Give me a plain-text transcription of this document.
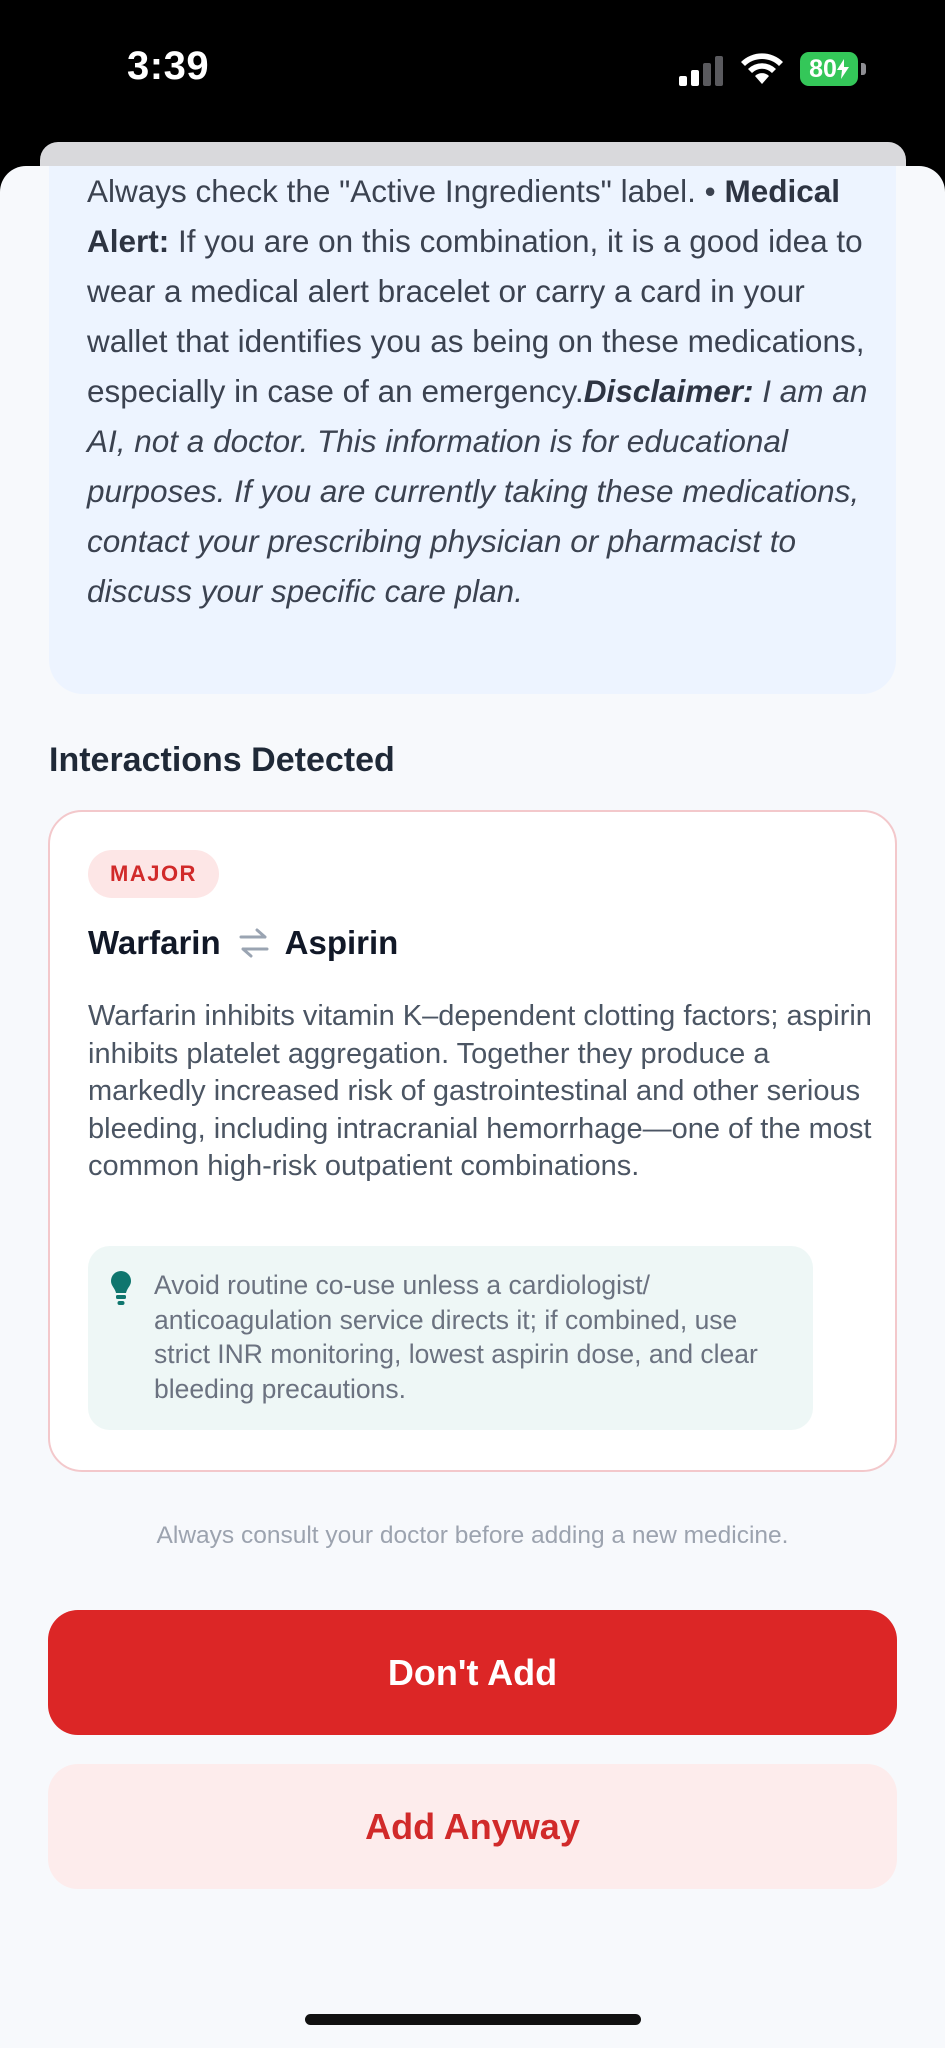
3:39	80
Always check the "Active Ingredients" label. • Medical Alert: If you are on this combination, it is a good idea to wear a medical alert bracelet or carry a card in your wallet that identifies you as being on these medications, especially in case of an emergency.Disclaimer: I am an AI, not a doctor. This information is for educational purposes. If you are currently taking these medications, contact your prescribing physician or pharmacist to discuss your specific care plan.
Interactions Detected
MAJOR
Warfarin Aspirin
Warfarin inhibits vitamin K–dependent clotting factors; aspirin inhibits platelet aggregation. Together they produce a markedly increased risk of gastrointestinal and other serious bleeding, including intracranial hemorrhage—one of the most common high-risk outpatient combinations.
Avoid routine co-use unless a cardiologist/ anticoagulation service directs it; if combined, use strict INR monitoring, lowest aspirin dose, and clear bleeding precautions.
Always consult your doctor before adding a new medicine.
Don't Add
Add Anyway
